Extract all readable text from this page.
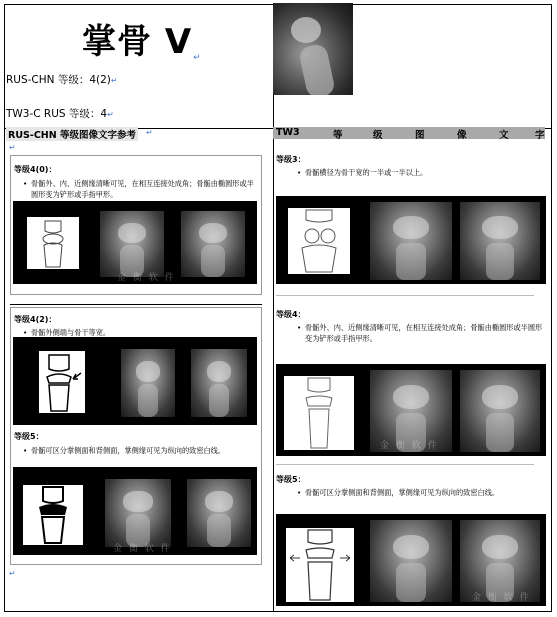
掌骨 V↵
RUS-CHN 等级：4(2)↵
TW3-C RUS 等级：4↵
RUS-CHN 等级图像文字参考 ↵
↵
TW3	等	级	图	像	文	字
等级4(0)：
• 骨骺外、内、近侧缘清晰可见，在相互连接处成角；骨骺由椭圆形或半圆形变为铲形或手指甲形。
金 衡 软 件
等级4(2)：
• 骨骺外侧端与骨干等宽。
等级5：
• 骨骺可区分掌侧面和背侧面，掌侧缘可见为纵向的致密白线。
金 衡 软 件
↵
等级3：
• 骨骺横径为骨干宽的一半或一半以上。
等级4：
• 骨骺外、内、近侧缘清晰可见，在相互连接处成角；骨骺由椭圆形或半圆形变为铲形或手指甲形。
金 衡 软 件
等级5：
• 骨骺可区分掌侧面和背侧面，掌侧缘可见为纵向的致密白线。
金 衡 软 件
